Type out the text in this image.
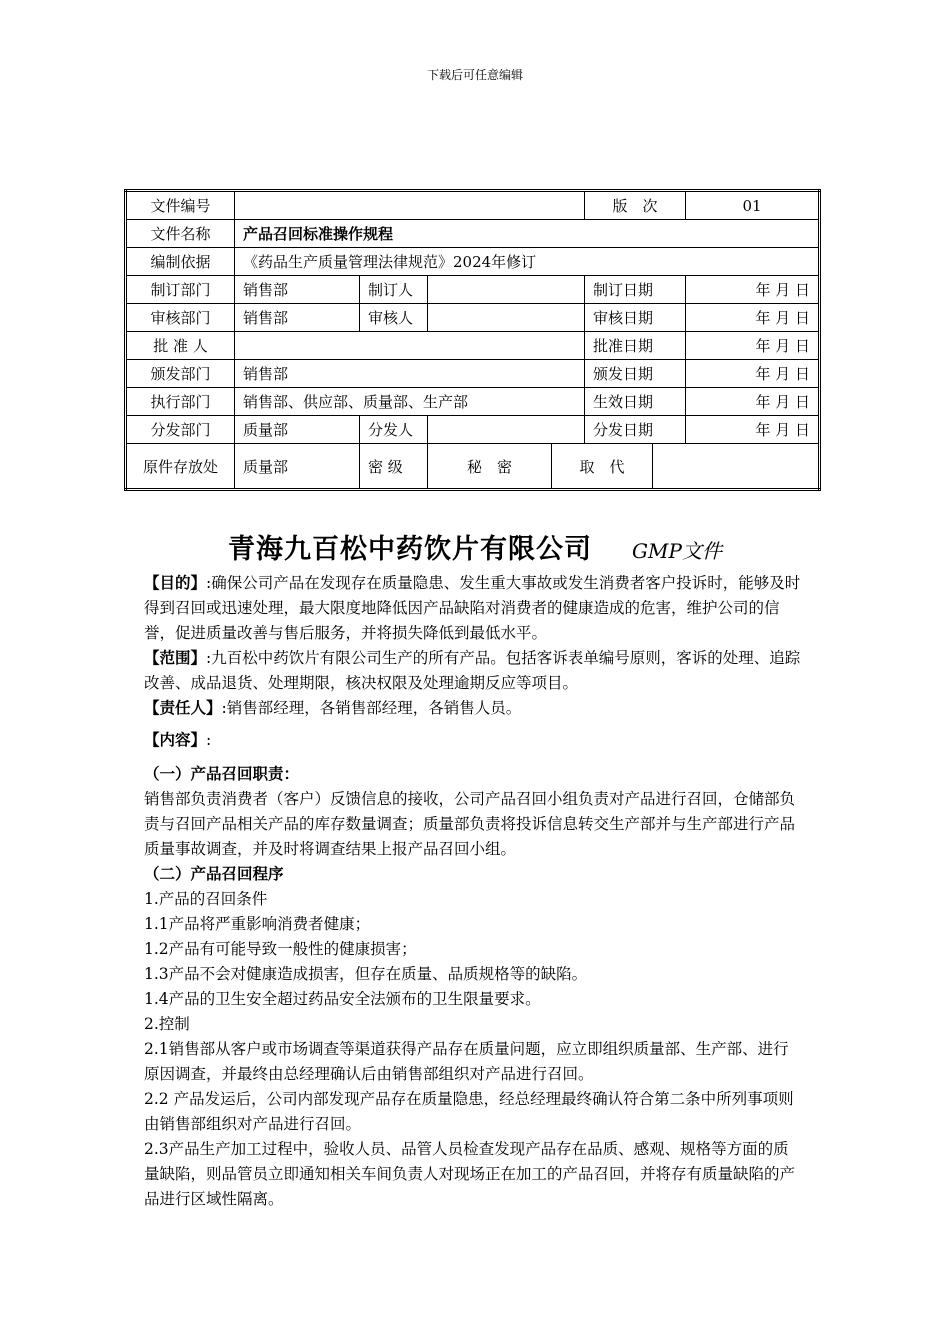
下载后可任意编辑
文件编号					版　次		01
文件名称	产品召回标准操作规程						
编制依据	《药品生产质量管理法律规范》2024年修订						
制订部门	销售部	制订人			制订日期		年 月 日
审核部门	销售部	审核人			审核日期		年 月 日
批 准 人					批准日期		年 月 日
颁发部门	销售部				颁发日期		年 月 日
执行部门	销售部、供应部、质量部、生产部				生效日期		年 月 日
分发部门	质量部	分发人			分发日期		年 月 日
原件存放处	质量部	密 级	秘　密	取　代			
青海九百松中药饮片有限公司 GMP文件

【目的】:确保公司产品在发现存在质量隐患、发生重大事故或发生消费者客户投诉时，能够及时得到召回或迅速处理，最大限度地降低因产品缺陷对消费者的健康造成的危害，维护公司的信誉，促进质量改善与售后服务，并将损失降低到最低水平。

【范围】:九百松中药饮片有限公司生产的所有产品。包括客诉表单编号原则，客诉的处理、追踪改善、成品退货、处理期限，核决权限及处理逾期反应等项目。

【责任人】:销售部经理，各销售部经理，各销售人员。

【内容】:

（一）产品召回职责：

销售部负责消费者（客户）反馈信息的接收，公司产品召回小组负责对产品进行召回，仓储部负责与召回产品相关产品的库存数量调查；质量部负责将投诉信息转交生产部并与生产部进行产品质量事故调查，并及时将调查结果上报产品召回小组。

（二）产品召回程序

1.产品的召回条件

1.1产品将严重影响消费者健康；

1.2产品有可能导致一般性的健康损害；

1.3产品不会对健康造成损害，但存在质量、品质规格等的缺陷。

1.4产品的卫生安全超过药品安全法颁布的卫生限量要求。

2.控制

2.1销售部从客户或市场调查等渠道获得产品存在质量问题，应立即组织质量部、生产部、进行原因调查，并最终由总经理确认后由销售部组织对产品进行召回。

2.2 产品发运后，公司内部发现产品存在质量隐患，经总经理最终确认符合第二条中所列事项则由销售部组织对产品进行召回。

2.3产品生产加工过程中，验收人员、品管人员检查发现产品存在品质、感观、规格等方面的质量缺陷，则品管员立即通知相关车间负责人对现场正在加工的产品召回，并将存有质量缺陷的产品进行区域性隔离。
